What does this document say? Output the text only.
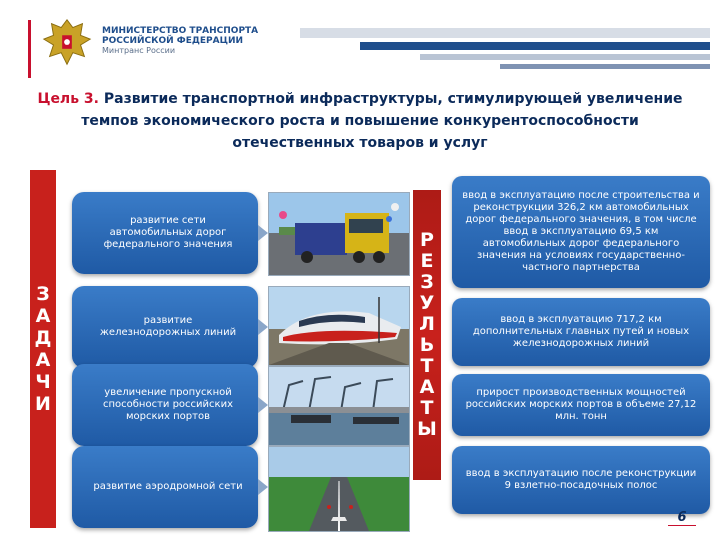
МИНИСТЕРСТВО ТРАНСПОРТА
РОССИЙСКОЙ ФЕДЕРАЦИИ
Минтранс России
Цель 3. Развитие транспортной инфраструктуры, стимулирующей увеличение темпов экономического роста и повышение конкурентоспособности отечественных товаров и услуг
З
А
Д
А
Ч
И
развитие сети автомобильных дорог федерального значения
развитие железнодорожных линий
увеличение пропускной способности российских морских портов
развитие аэродромной сети
Р
Е
З
У
Л
Ь
Т
А
Т
Ы
ввод в эксплуатацию после строительства и реконструкции 326,2 км автомобильных дорог федерального значения, в том числе ввод в эксплуатацию 69,5 км автомобильных дорог федерального значения на условиях государственно-частного партнерства
ввод в эксплуатацию 717,2 км дополнительных главных путей и новых железнодорожных линий
прирост производственных мощностей российских морских портов в объеме 27,12 млн. тонн
ввод в эксплуатацию после реконструкции 9 взлетно-посадочных полос
6
